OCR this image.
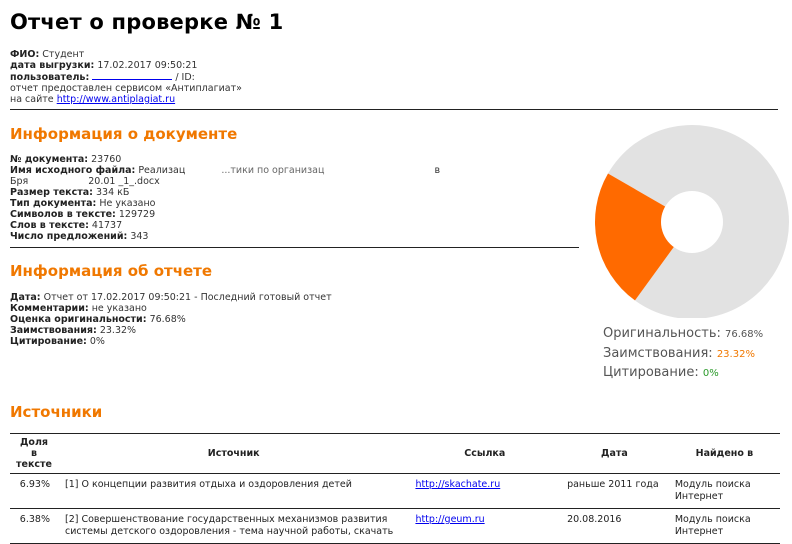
Отчет о проверке № 1
ФИО: Студент
дата выгрузки: 17.02.2017 09:50:21
пользователь:	/ ID:
отчет предоставлен сервисом «Антиплагиат»
на сайте http://www.antiplagiat.ru
Информация о документе
№ документа: 23760
Имя исходного файла: Реализац	...тики по организац	в
Бря	20.01 _1_.docx
Размер текста: 334 кБ
Тип документа: Не указано
Символов в тексте: 129729
Слов в тексте: 41737
Число предложений: 343
Информация об отчете
Дата: Отчет от 17.02.2017 09:50:21 - Последний готовый отчет
Комментарии: не указано
Оценка оригинальности: 76.68%
Заимствования: 23.32%
Цитирование: 0%
Оригинальность: 76.68%
Заимствования: 23.32%
Цитирование: 0%
Источники
Доля в тексте	Источник	Ссылка	Дата	Найдено в
6.93%	[1] О концепции развития отдыха и оздоровления детей	http://skachate.ru	раньше 2011 года	Модуль поиска Интернет
6.38%	[2] Совершенствование государственных механизмов развития системы детского оздоровления - тема научной работы, скачать	http://geum.ru	20.08.2016	Модуль поиска Интернет
